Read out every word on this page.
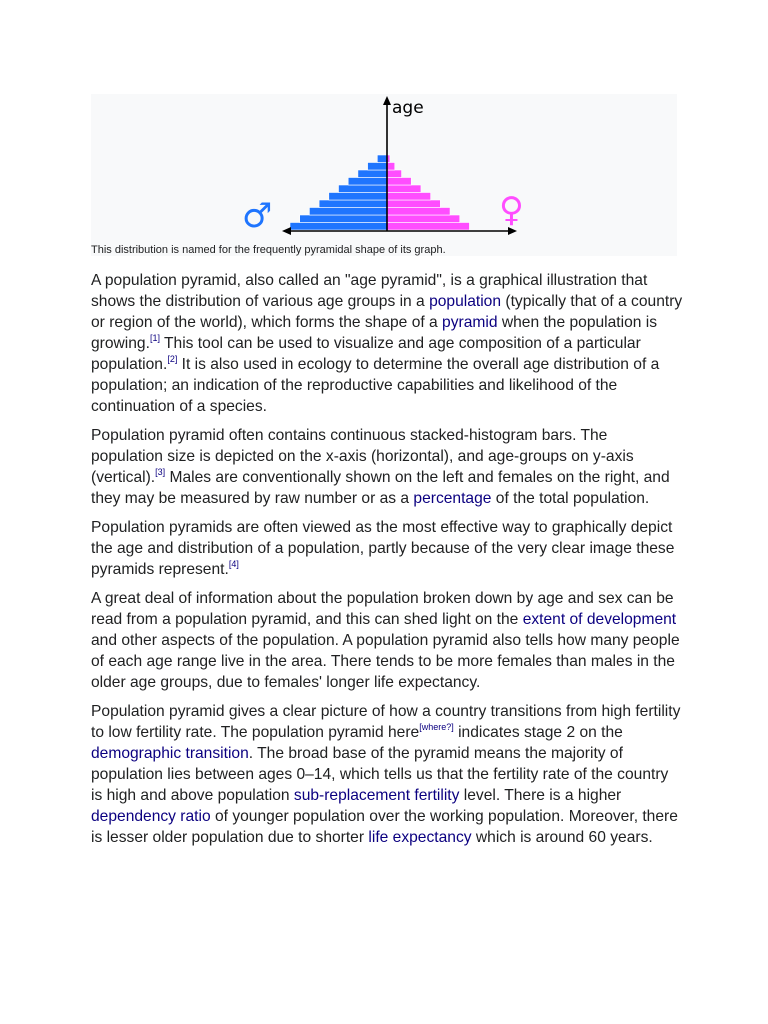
age
♂	♀
This distribution is named for the frequently pyramidal shape of its graph.

A population pyramid, also called an "age pyramid", is a graphical illustration that shows the distribution of various age groups in a population (typically that of a country or region of the world), which forms the shape of a pyramid when the population is growing.[1] This tool can be used to visualize and age composition of a particular population.[2] It is also used in ecology to determine the overall age distribution of a population; an indication of the reproductive capabilities and likelihood of the continuation of a species.

Population pyramid often contains continuous stacked-histogram bars. The population size is depicted on the x-axis (horizontal), and age-groups on y-axis (vertical).[3] Males are conventionally shown on the left and females on the right, and they may be measured by raw number or as a percentage of the total population.

Population pyramids are often viewed as the most effective way to graphically depict the age and distribution of a population, partly because of the very clear image these pyramids represent.[4]

A great deal of information about the population broken down by age and sex can be read from a population pyramid, and this can shed light on the extent of development and other aspects of the population. A population pyramid also tells how many people of each age range live in the area. There tends to be more females than males in the older age groups, due to females' longer life expectancy.

Population pyramid gives a clear picture of how a country transitions from high fertility to low fertility rate. The population pyramid here[where?] indicates stage 2 on the demographic transition. The broad base of the pyramid means the majority of population lies between ages 0–14, which tells us that the fertility rate of the country is high and above population sub-replacement fertility level. There is a higher dependency ratio of younger population over the working population. Moreover, there is lesser older population due to shorter life expectancy which is around 60 years.
